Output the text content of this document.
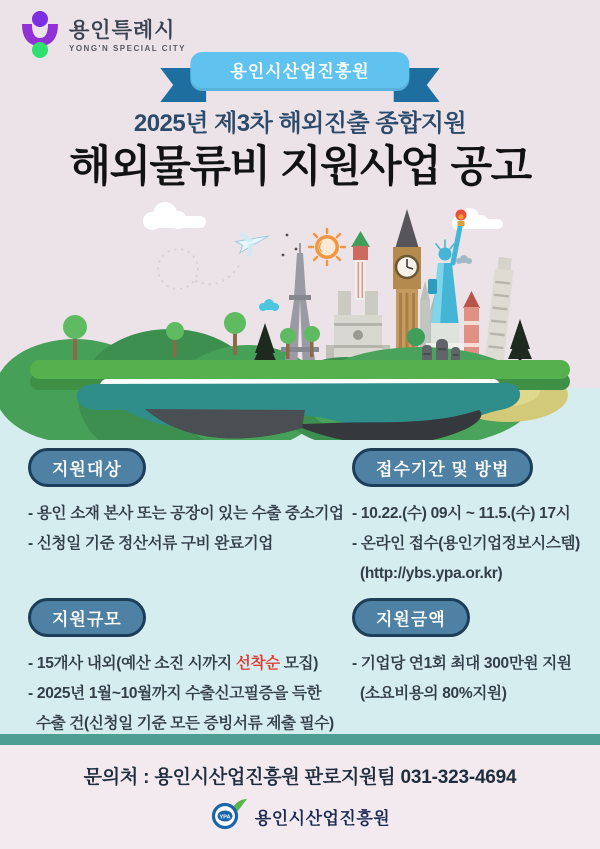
용인특례시
YONG'N SPECIAL CITY
용인시산업진흥원
2025년 제3차 해외진출 종합지원
해외물류비 지원사업 공고
지원대상
- 용인 소재 본사 또는 공장이 있는 수출 중소기업
- 신청일 기준 정산서류 구비 완료기업
접수기간 및 방법
- 10.22.(수) 09시 ~ 11.5.(수) 17시
- 온라인 접수(용인기업정보시스템)
(http://ybs.ypa.or.kr)
지원규모
- 15개사 내외(예산 소진 시까지 선착순 모집)
- 2025년 1월~10월까지 수출신고필증을 득한
수출 건(신청일 기준 모든 증빙서류 제출 필수)
지원금액
- 기업당 연1회 최대 300만원 지원
(소요비용의 80%지원)
문의처 : 용인시산업진흥원 판로지원팀 031-323-4694
YPA 용인시산업진흥원
